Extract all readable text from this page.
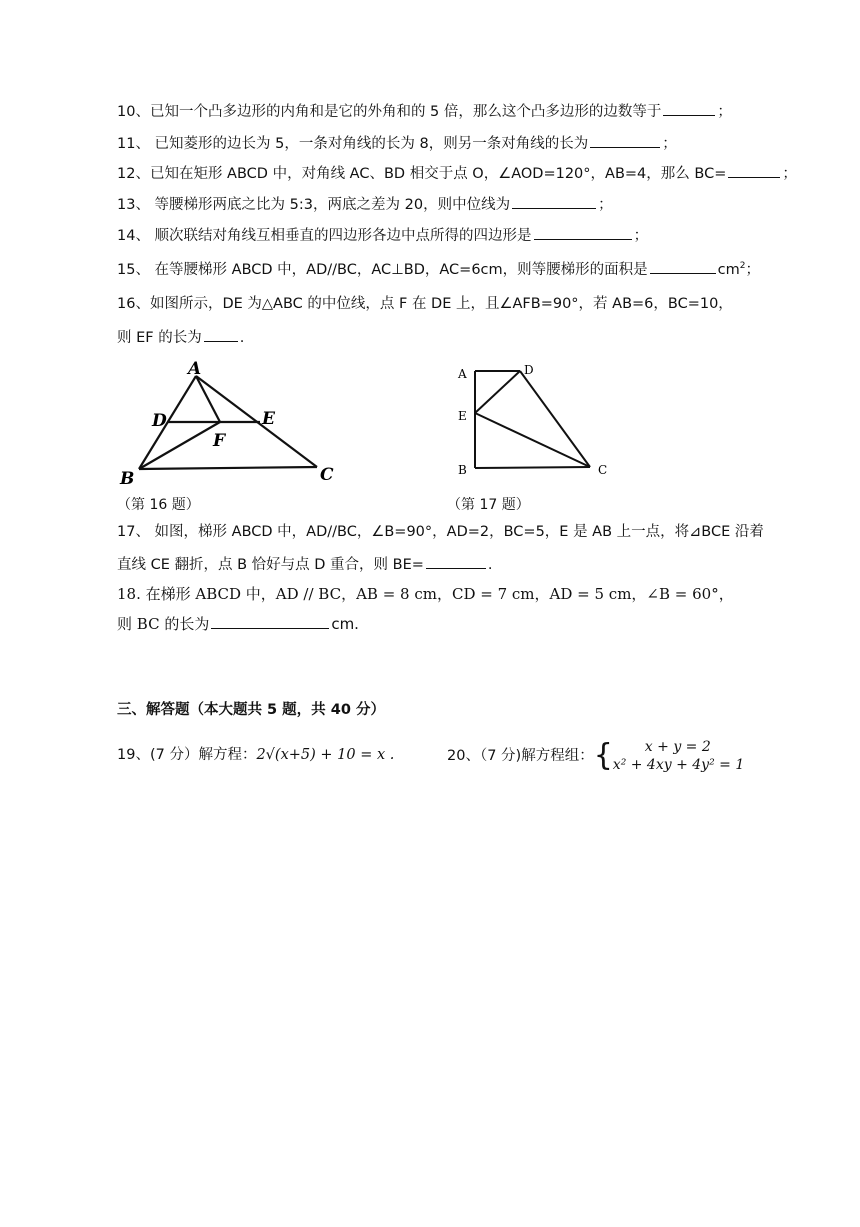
10、已知一个凸多边形的内角和是它的外角和的 5 倍，那么这个凸多边形的边数等于	；
11、 已知菱形的边长为 5，一条对角线的长为 8，则另一条对角线的长为	；
12、已知在矩形 ABCD 中，对角线 AC、BD 相交于点 O，∠AOD=120°，AB=4，那么 BC=	；
13、 等腰梯形两底之比为 5:3，两底之差为 20，则中位线为	；
14、 顺次联结对角线互相垂直的四边形各边中点所得的四边形是	；
15、 在等腰梯形 ABCD 中，AD//BC，AC⊥BD，AC=6cm，则等腰梯形的面积是	$cm^2$；
16、如图所示，DE 为△ABC 的中位线，点 F 在 DE 上，且∠AFB=90°，若 AB=6，BC=10，
则 EF 的长为	.
A
D	E
F
B	C
A	D
E
B	C
（第 16 题）	（第 17 题）
17、 如图，梯形 ABCD 中，AD//BC，∠B=90°，AD=2，BC=5，E 是 AB 上一点，将⊿BCE 沿着
直线 CE 翻折，点 B 恰好与点 D 重合，则 BE=	.
18. 在梯形 ABCD 中，AD // BC，AB = 8 cm，CD = 7 cm，AD = 5 cm，∠B = 60°，
则 BC 的长为	cm.
三、解答题（本大题共 5 题，共 40 分）
19、(7 分）解方程：2√(x+5) + 10 = x .	20、（7 分)解方程组：{	x + y = 2
x² + 4xy + 4y² = 1
